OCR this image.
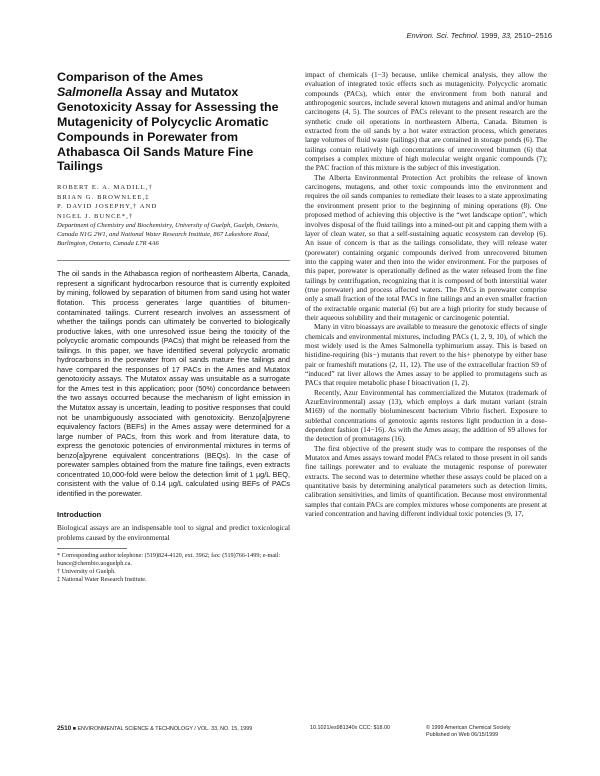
Environ. Sci. Technol. 1999, 33, 2510−2516
Comparison of the Ames
Salmonella Assay and Mutatox Genotoxicity Assay for Assessing the Mutagenicity of Polycyclic Aromatic Compounds in Porewater from Athabasca Oil Sands Mature Fine Tailings
ROBERT E. A. MADILL,†
BRIAN G. BROWNLEE,‡
P. DAVID JOSEPHY,† AND
NIGEL J. BUNCE*,†

Department of Chemistry and Biochemistry, University of Guelph, Guelph, Ontario, Canada N1G 2W1, and National Water Research Institute, 867 Lakeshore Road, Burlington, Ontario, Canada L7R 4A6

The oil sands in the Athabasca region of northeastern Alberta, Canada, represent a significant hydrocarbon resource that is currently exploited by mining, followed by separation of bitumen from sand using hot water flotation. This process generates large quantities of bitumen-contaminated tailings. Current research involves an assessment of whether the tailings ponds can ultimately be converted to biologically productive lakes, with one unresolved issue being the toxicity of the polycyclic aromatic compounds (PACs) that might be released from the tailings. In this paper, we have identified several polycyclic aromatic hydrocarbons in the porewater from oil sands mature fine tailings and have compared the responses of 17 PACs in the Ames and Mutatox genotoxicity assays. The Mutatox assay was unsuitable as a surrogate for the Ames test in this application; poor (50%) concordance between the two assays occurred because the mechanism of light emission in the Mutatox assay is uncertain, leading to positive responses that could not be unambiguously associated with genotoxicity. Benzo[a]pyrene equivalency factors (BEFs) in the Ames assay were determined for a large number of PACs, from this work and from literature data, to express the genotoxic potencies of environmental mixtures in terms of benzo[a]pyrene equivalent concentrations (BEQs). In the case of porewater samples obtained from the mature fine tailings, even extracts concentrated 10,000-fold were below the detection limit of 1 µg/L BEQ, consistent with the value of 0.14 µg/L calculated using BEFs of PACs identified in the porewater.

Introduction

Biological assays are an indispensable tool to signal and predict toxicological problems caused by the environmental

* Corresponding author telephone: (519)824-4120, ext. 3962; fax: (519)766-1499; e-mail: bunce@chembio.uoguelph.ca.

† University of Guelph.

‡ National Water Research Institute.

impact of chemicals (1−3) because, unlike chemical analysis, they allow the evaluation of integrated toxic effects such as mutagenicity. Polycyclic aromatic compounds (PACs), which enter the environment from both natural and anthropogenic sources, include several known mutagens and animal and/or human carcinogens (4, 5). The sources of PACs relevant to the present research are the synthetic crude oil operations in northeastern Alberta, Canada. Bitumen is extracted from the oil sands by a hot water extraction process, which generates large volumes of fluid waste (tailings) that are contained in storage ponds (6). The tailings contain relatively high concentrations of unrecovered bitumen (6) that comprises a complex mixture of high molecular weight organic compounds (7); the PAC fraction of this mixture is the subject of this investigation.

The Alberta Environmental Protection Act prohibits the release of known carcinogens, mutagens, and other toxic compounds into the environment and requires the oil sands companies to remediate their leases to a state approximating the environment present prior to the beginning of mining operations (8). One proposed method of achieving this objective is the “wet landscape option”, which involves disposal of the fluid tailings into a mined-out pit and capping them with a layer of clean water, so that a self-sustaining aquatic ecosystem can develop (6). An issue of concern is that as the tailings consolidate, they will release water (porewater) containing organic compounds derived from unrecovered bitumen into the capping water and then into the wider environment. For the purposes of this paper, porewater is operationally defined as the water released from the fine tailings by centrifugation, recognizing that it is composed of both interstitial water (true porewater) and process affected waters. The PACs in porewater comprise only a small fraction of the total PACs in fine tailings and an even smaller fraction of the extractable organic material (6) but are a high priority for study because of their aqueous solubility and their mutagenic or carcinogenic potential.

Many in vitro bioassays are available to measure the genotoxic effects of single chemicals and environmental mixtures, including PACs (1, 2, 9, 10), of which the most widely used is the Ames Salmonella typhimurium assay. This is based on histidine-requiring (his−) mutants that revert to the his+ phenotype by either base pair or frameshift mutations (2, 11, 12). The use of the extracellular fraction S9 of “induced” rat liver allows the Ames assay to be applied to promutagens such as PACs that require metabolic phase I bioactivation (1, 2).

Recently, Azur Environmental has commercialized the Mutatox (trademark of AzurEnvironmental) assay (13), which employs a dark mutant variant (strain M169) of the normally bioluminescent bacterium Vibrio fischeri. Exposure to sublethal concentrations of genotoxic agents restores light production in a dose-dependent fashion (14−16). As with the Ames assay, the addition of S9 allows for the detection of promutagens (16).

The first objective of the present study was to compare the responses of the Mutatox and Ames assays toward model PACs related to those present in oil sands fine tailings porewater and to evaluate the mutagenic response of porewater extracts. The second was to determine whether these assays could be placed on a quantitative basis by determining analytical parameters such as detection limits, calibration sensitivities, and limits of quantification. Because most environmental samples that contain PACs are complex mixtures whose components are present at varied concentration and having different individual toxic potencies (9, 17,

2510 ■ ENVIRONMENTAL SCIENCE & TECHNOLOGY / VOL. 33, NO. 15, 1999	10.1021/es981340x CCC: $18.00	© 1999 American Chemical Society
Published on Web 06/15/1999
